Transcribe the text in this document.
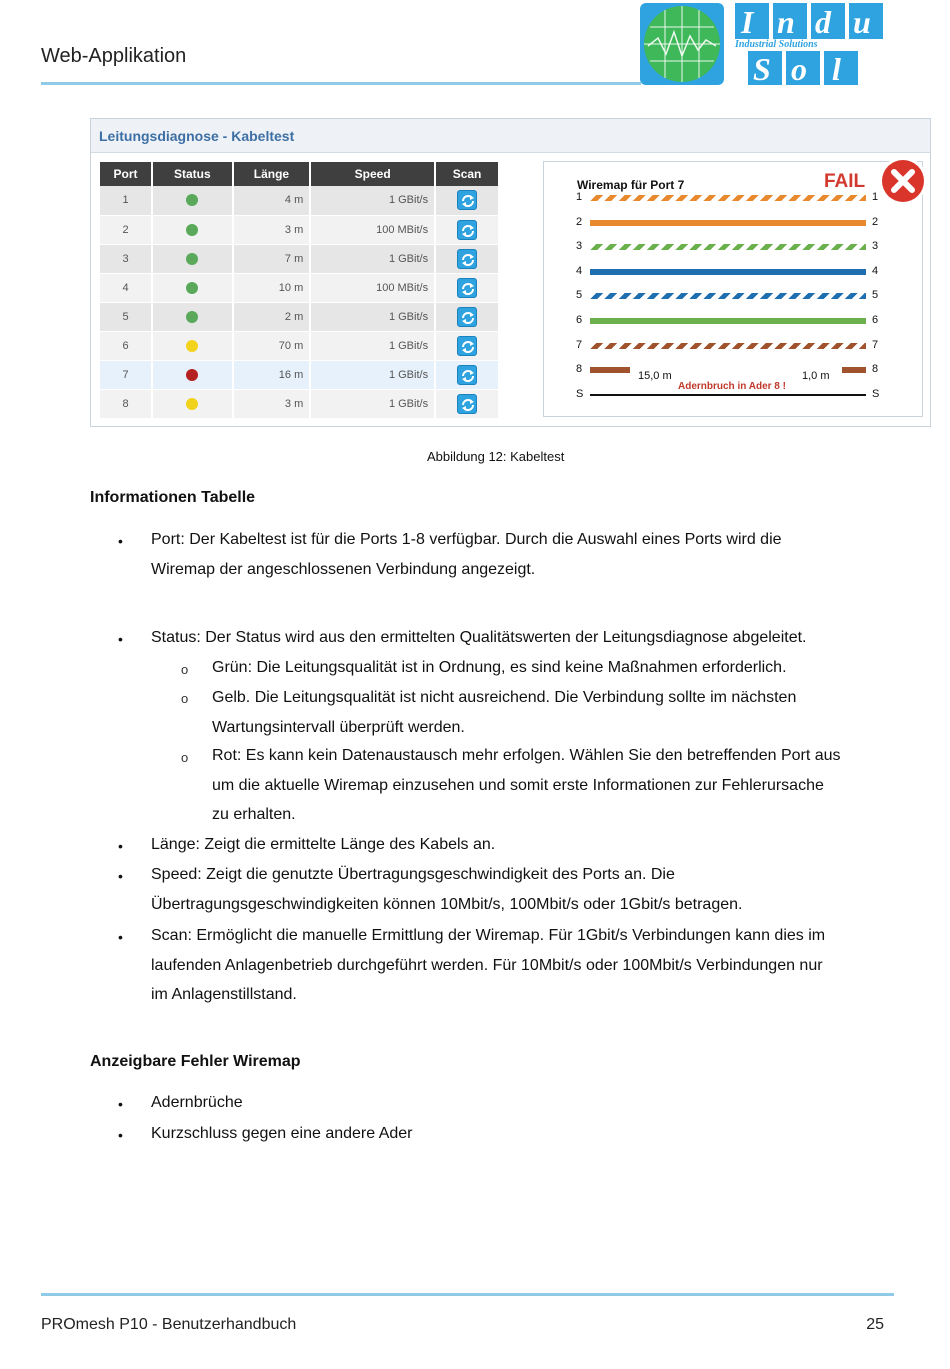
Web-Applikation
I n d u
S o l
Industrial Solutions
Leitungsdiagnose - Kabeltest
Port	Status	Länge	Speed	Scan
1		4 m	1 GBit/s	

2		3 m	100 MBit/s	

3		7 m	1 GBit/s	

4		10 m	100 MBit/s	

5		2 m	1 GBit/s	

6		70 m	1 GBit/s	

7		16 m	1 GBit/s	

8		3 m	1 GBit/s	
Wiremap für Port 7	FAIL
1	1
2	2
3	3
4	4
5	5
6	6
7	7
8	8
S	S
15,0 m	1,0 m
Adernbruch in Ader 8 !
Abbildung 12: Kabeltest
Informationen Tabelle
• Port: Der Kabeltest ist für die Ports 1-8 verfügbar. Durch die Auswahl eines Ports wird die
Wiremap der angeschlossenen Verbindung angezeigt.
• Status: Der Status wird aus den ermittelten Qualitätswerten der Leitungsdiagnose abgeleitet.
o Grün: Die Leitungsqualität ist in Ordnung, es sind keine Maßnahmen erforderlich.
o Gelb. Die Leitungsqualität ist nicht ausreichend. Die Verbindung sollte im nächsten
Wartungsintervall überprüft werden.
o Rot: Es kann kein Datenaustausch mehr erfolgen. Wählen Sie den betreffenden Port aus
um die aktuelle Wiremap einzusehen und somit erste Informationen zur Fehlerursache
zu erhalten.
• Länge: Zeigt die ermittelte Länge des Kabels an.
• Speed: Zeigt die genutzte Übertragungsgeschwindigkeit des Ports an. Die
Übertragungsgeschwindigkeiten können 10Mbit/s, 100Mbit/s oder 1Gbit/s betragen.
• Scan: Ermöglicht die manuelle Ermittlung der Wiremap. Für 1Gbit/s Verbindungen kann dies im
laufenden Anlagenbetrieb durchgeführt werden. Für 10Mbit/s oder 100Mbit/s Verbindungen nur
im Anlagenstillstand.
Anzeigbare Fehler Wiremap
• Adernbrüche
• Kurzschluss gegen eine andere Ader
PROmesh P10 - Benutzerhandbuch	25
